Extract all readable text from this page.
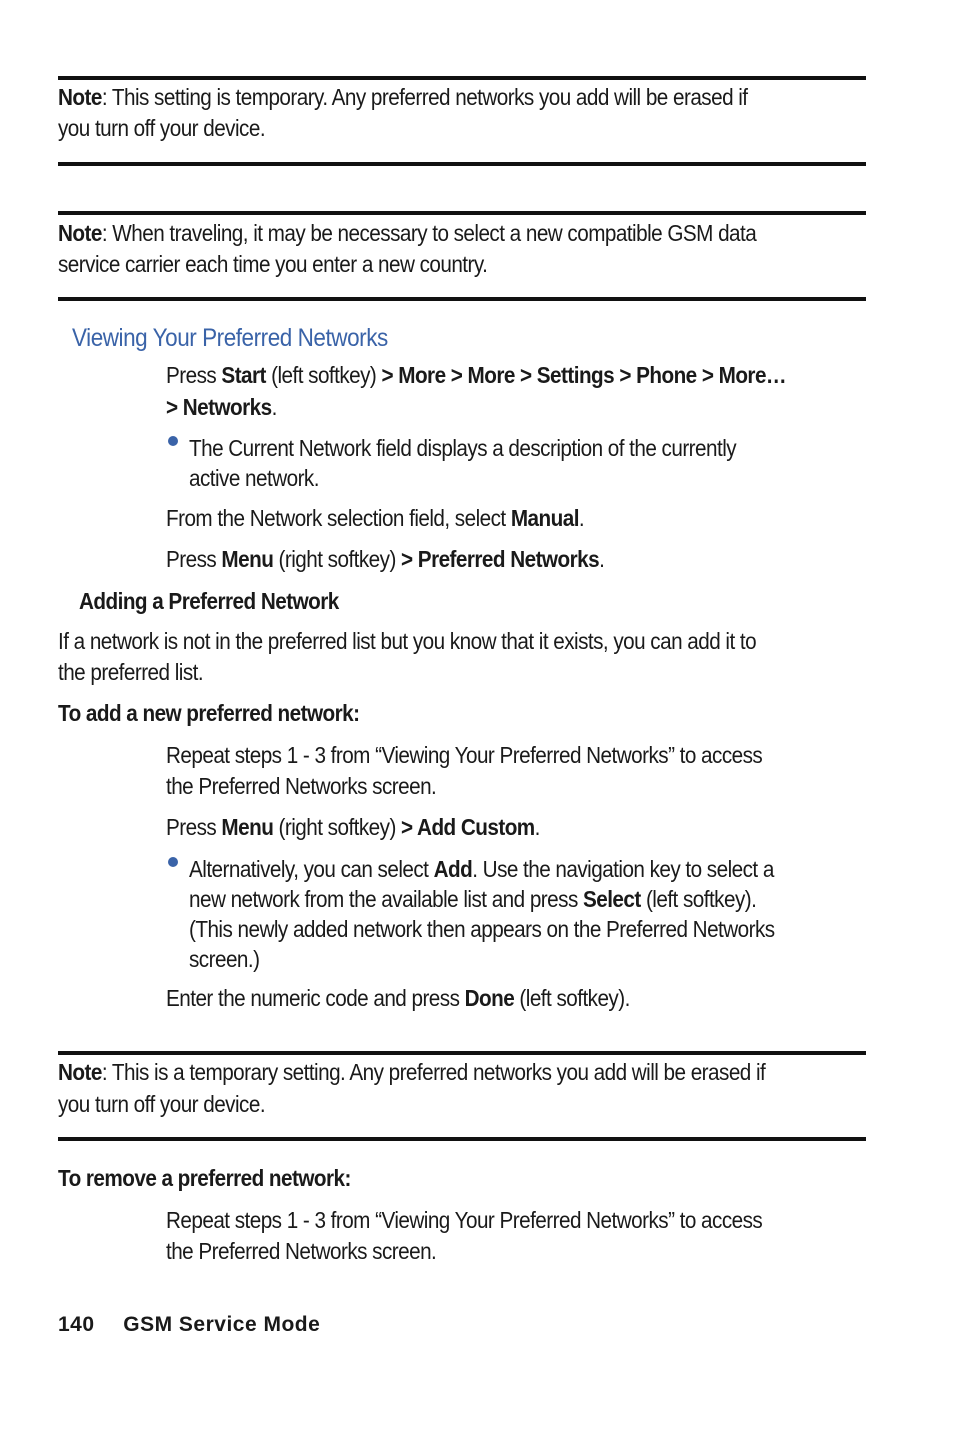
Note: This setting is temporary. Any preferred networks you add will be erased if
you turn off your device.
Note: When traveling, it may be necessary to select a new compatible GSM data
service carrier each time you enter a new country.
Viewing Your Preferred Networks
Press Start (left softkey) > More > More > Settings > Phone > More…
> Networks.
The Current Network field displays a description of the currently
active network.
From the Network selection field, select Manual.
Press Menu (right softkey) > Preferred Networks.
Adding a Preferred Network
If a network is not in the preferred list but you know that it exists, you can add it to
the preferred list.
To add a new preferred network:
Repeat steps 1 - 3 from “Viewing Your Preferred Networks” to access
the Preferred Networks screen.
Press Menu (right softkey) > Add Custom.
Alternatively, you can select Add. Use the navigation key to select a
new network from the available list and press Select (left softkey).
(This newly added network then appears on the Preferred Networks
screen.)
Enter the numeric code and press Done (left softkey).
Note: This is a temporary setting. Any preferred networks you add will be erased if
you turn off your device.
To remove a preferred network:
Repeat steps 1 - 3 from “Viewing Your Preferred Networks” to access
the Preferred Networks screen.
140 GSM Service Mode
